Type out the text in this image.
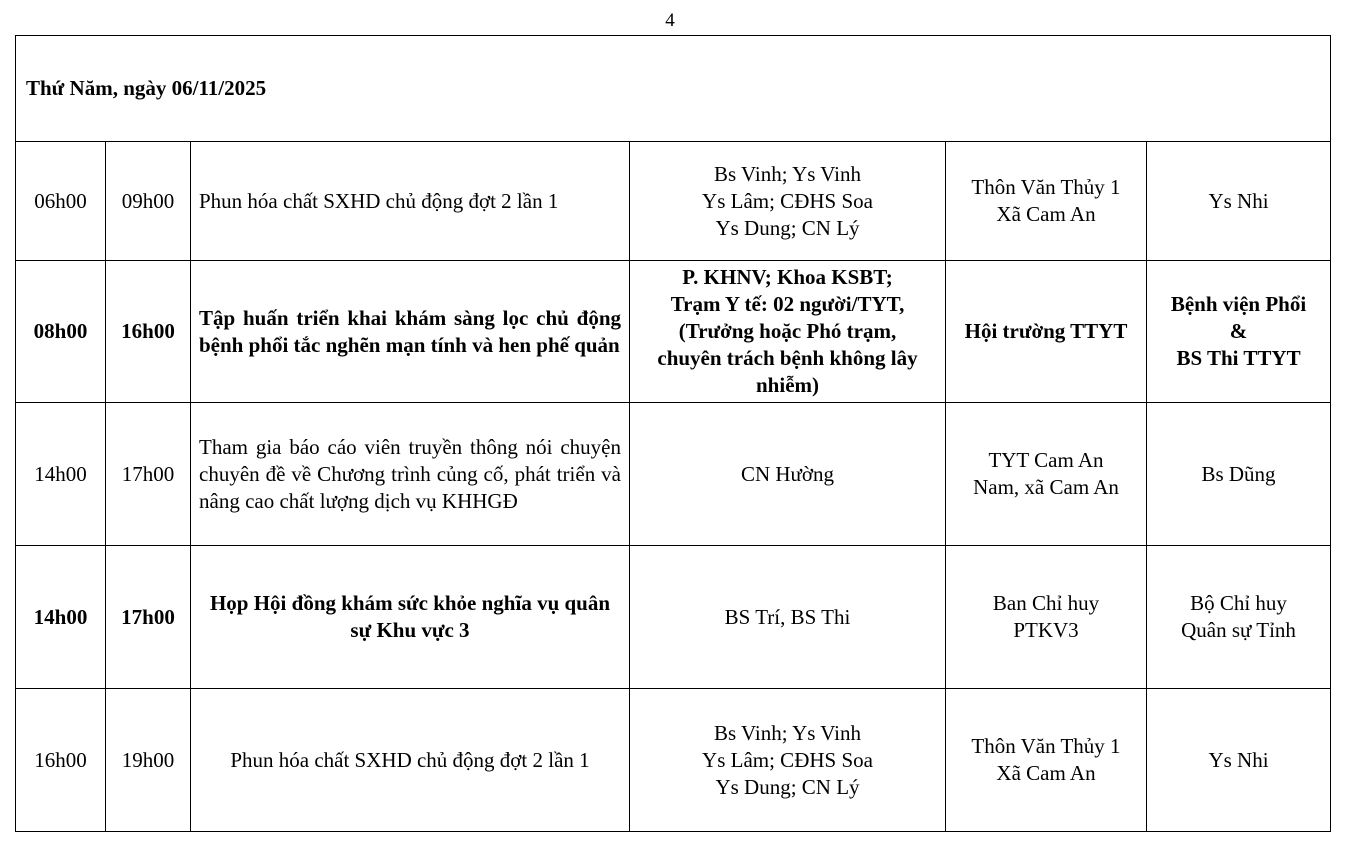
4
Thứ Năm, ngày 06/11/2025					
06h00	09h00	Phun hóa chất SXHD chủ động đợt 2 lần 1	Bs Vinh; Ys Vinh
Ys Lâm; CĐHS Soa
Ys Dung; CN Lý	Thôn Văn Thủy 1
Xã Cam An	Ys Nhi

08h00	16h00	Tập huấn triển khai khám sàng lọc chủ động bệnh phổi tắc nghẽn mạn tính và hen phế quản	P. KHNV; Khoa KSBT;
Trạm Y tế: 02 người/TYT,
(Trưởng hoặc Phó trạm,
chuyên trách bệnh không lây
nhiễm)	Hội trường TTYT	Bệnh viện Phổi
&
BS Thi TTYT

14h00	17h00	Tham gia báo cáo viên truyền thông nói chuyện chuyên đề về Chương trình củng cố, phát triển và nâng cao chất lượng dịch vụ KHHGĐ	CN Hường	TYT Cam An
Nam, xã Cam An	Bs Dũng

14h00	17h00	Họp Hội đồng khám sức khỏe nghĩa vụ quân sự Khu vực 3	BS Trí, BS Thi	Ban Chỉ huy
PTKV3	Bộ Chỉ huy
Quân sự Tỉnh

16h00	19h00	Phun hóa chất SXHD chủ động đợt 2 lần 1	Bs Vinh; Ys Vinh
Ys Lâm; CĐHS Soa
Ys Dung; CN Lý	Thôn Văn Thủy 1
Xã Cam An	Ys Nhi
